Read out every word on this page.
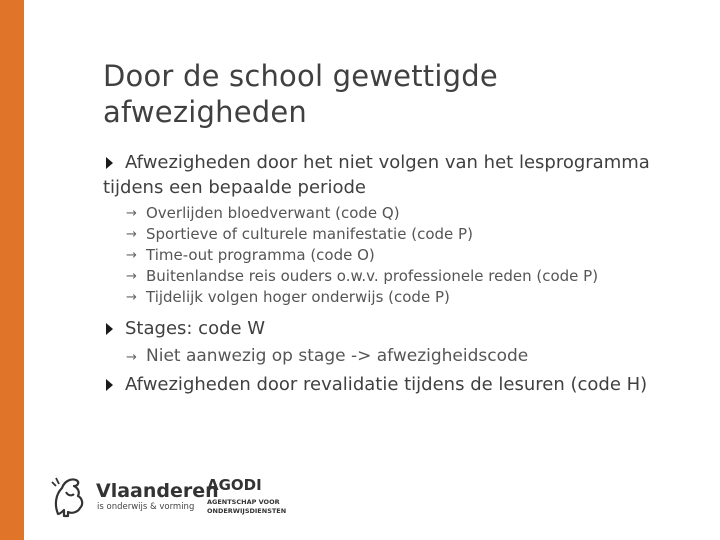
Door de school gewettigde afwezigheden
Afwezigheden door het niet volgen van het lesprogramma tijdens een bepaalde periode
→ Overlijden bloedverwant (code Q)
→ Sportieve of culturele manifestatie (code P)
→ Time-out programma (code O)
→ Buitenlandse reis ouders o.w.v. professionele reden (code P)
→ Tijdelijk volgen hoger onderwijs (code P)
Stages: code W
→ Niet aanwezig op stage -> afwezigheidscode
Afwezigheden door revalidatie tijdens de lesuren (code H)
Vlaanderen
is onderwijs & vorming
AGODI
AGENTSCHAP VOOR
ONDERWIJSDIENSTEN
